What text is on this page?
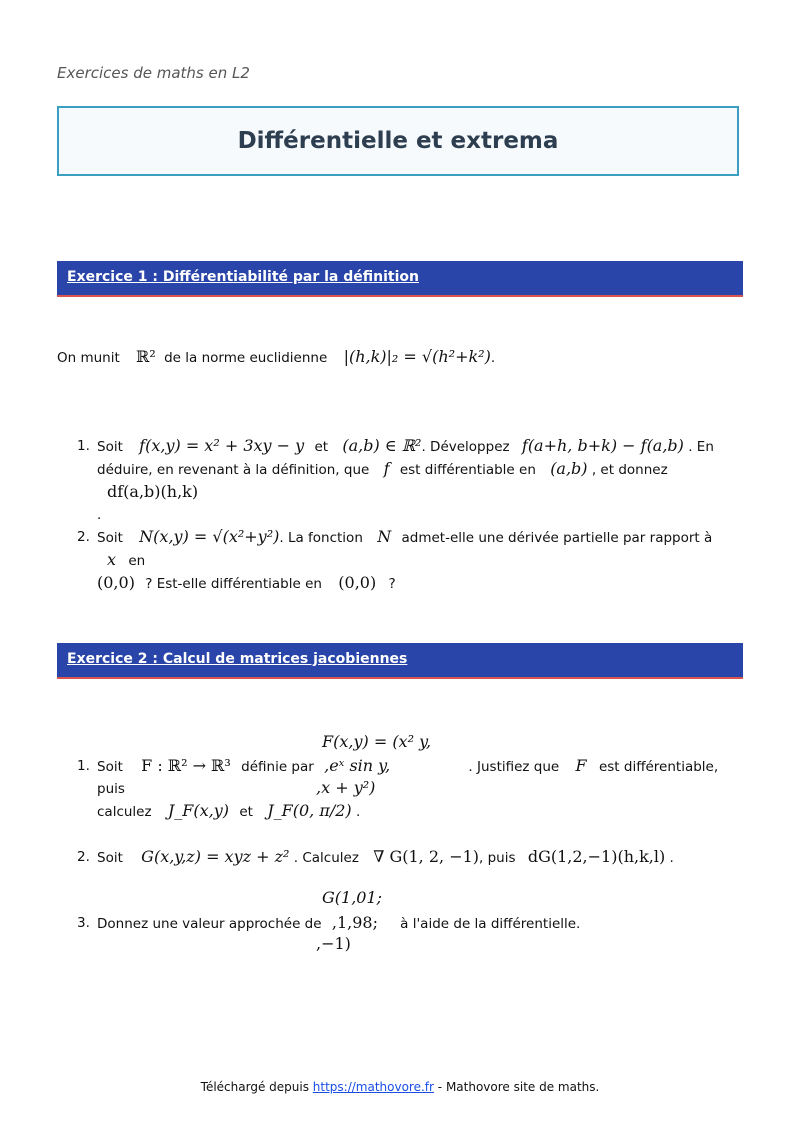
Exercices de maths en L2
Différentielle et extrema
Exercice 1 : Différentiabilité par la définition
On munit ℝ² de la norme euclidienne |(h,k)|₂ = √(h²+k²).
1. Soit f(x,y) = x² + 3xy − y et (a,b) ∈ ℝ². Développez f(a+h, b+k) − f(a,b) . En déduire, en revenant à la définition, que f est différentiable en (a,b) , et donnez df(a,b)(h,k)
.
2. Soit N(x,y) = √(x²+y²). La fonction N admet-elle une dérivée partielle par rapport à x en
(0,0) ? Est-elle différentiable en (0,0) ?
Exercice 2 : Calcul de matrices jacobiennes
F(x,y) = (x² y,
1. Soit F : ℝ² → ℝ³ définie par ,eˣ sin y,	. Justifiez que F est différentiable, puis	,x + y²)
calculez J_F(x,y) et J_F(0, π/2) .
2. Soit G(x,y,z) = xyz + z² . Calculez ∇ G(1, 2, −1), puis dG(1,2,−1)(h,k,l) .
G(1,01;
3. Donnez une valeur approchée de ,1,98; à l'aide de la différentielle.
,−1)
Téléchargé depuis https://mathovore.fr - Mathovore site de maths.
